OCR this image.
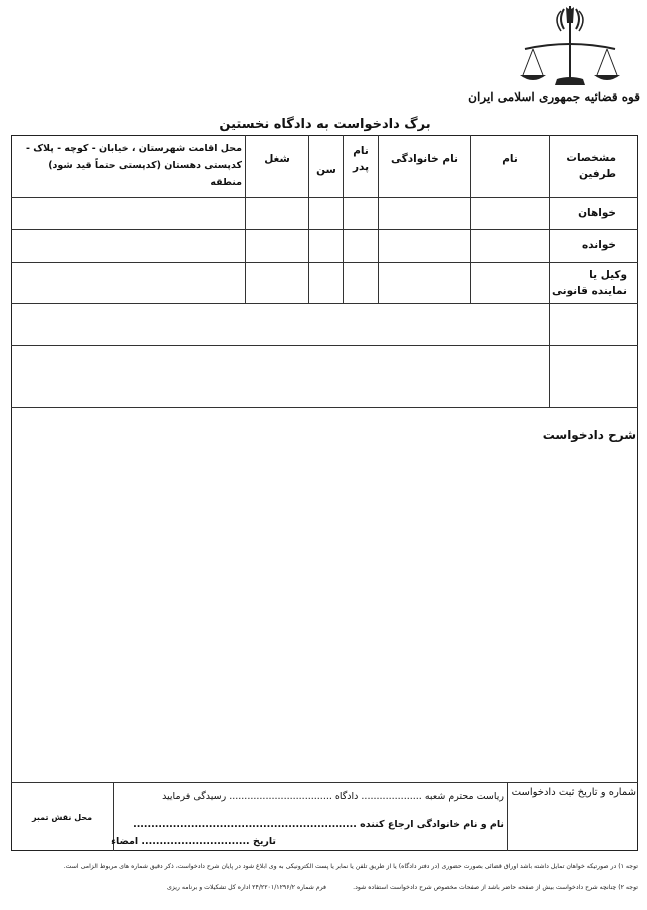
قوه قضائیه جمهوری اسلامی ایران
برگ دادخواست به دادگاه نخستین
مشخصات طرفین
نام
نام خانوادگی
نام پدر
سن
شغل
محل اقامت شهرستان ، خیابان - کوچه - پلاک - کدپستی دهستان (کدپستی حتماً قید شود) منطقه
خواهان
خوانده
وکیل یا نماینده قانونی
شرح دادخواست
شماره و تاریخ ثبت دادخواست
ریاست محترم شعبه .................... دادگاه .................................. رسیدگی فرمایید
نام و نام خانوادگی ارجاع کننده ..............................................................
تاریخ .............................. امضاء
محل نقش تمبر
توجه ۱) در صورتیکه خواهان تمایل داشته باشد اوراق قضائی بصورت حضوری (در دفتر دادگاه) یا از طریق تلفن یا نمابر یا پست الکترونیکی به وی ابلاغ شود در پایان شرح دادخواست، ذکر دقیق شماره های مربوط الزامی است.
توجه ۲) چنانچه شرح دادخواست بیش از صفحه حاضر باشد از صفحات مخصوص شرح دادخواست استفاده شود.
فرم شماره ۲۴/۲۲۰۱/۱۲۹۶/۲ اداره کل تشکیلات و برنامه ریزی
